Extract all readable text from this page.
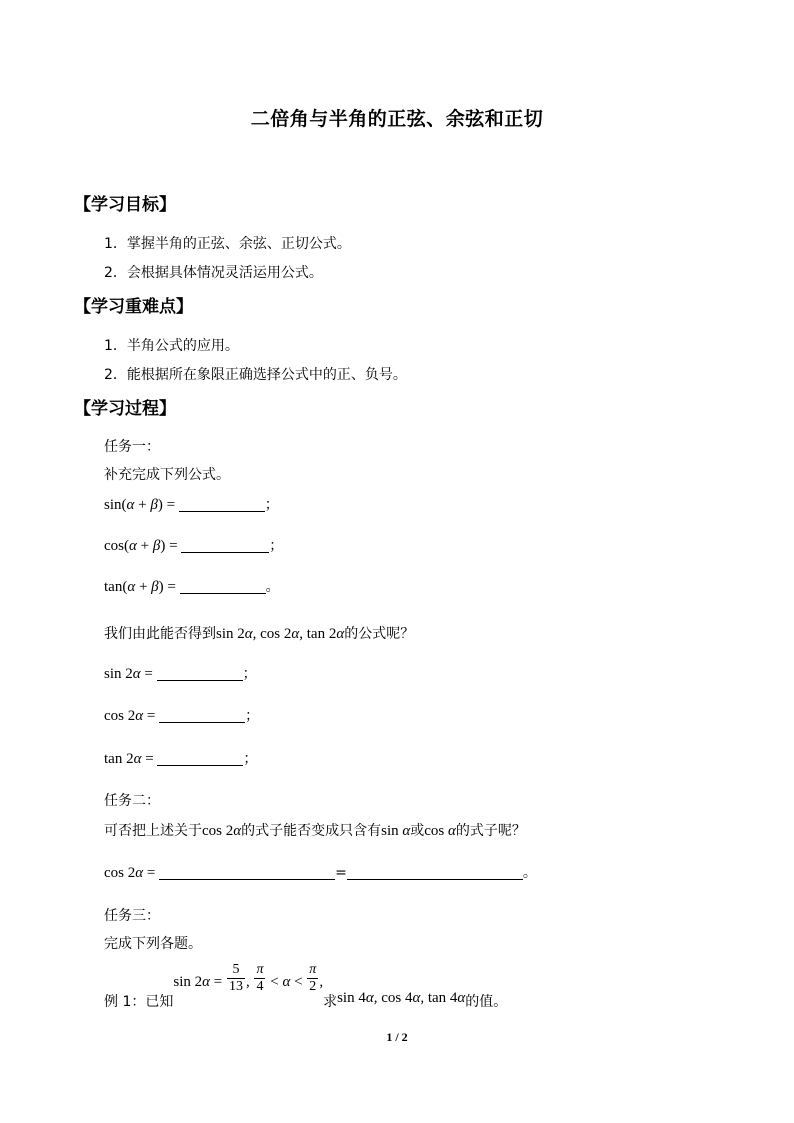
二倍角与半角的正弦、余弦和正切
【学习目标】
1．掌握半角的正弦、余弦、正切公式。
2．会根据具体情况灵活运用公式。
【学习重难点】
1．半角公式的应用。
2．能根据所在象限正确选择公式中的正、负号。
【学习过程】
任务一：
补充完成下列公式。
sin(α + β) =	；
cos(α + β) =	；
tan(α + β) =	。
我们由此能否得到sin 2α, cos 2α, tan 2α的公式呢？
sin 2α =	；
cos 2α =	；
tan 2α =	；
任务二：
可否把上述关于cos 2α的式子能否变成只含有sin α或cos α的式子呢？
cos 2α =	=	。
任务三：
完成下列各题。
例 1：已知$\sin 2\alpha = \frac{5}{13}$ , $\frac{\pi}{4} < \alpha < \frac{\pi}{2}$ ,求sin 4α, cos 4α, tan 4α的值。
1 / 2
